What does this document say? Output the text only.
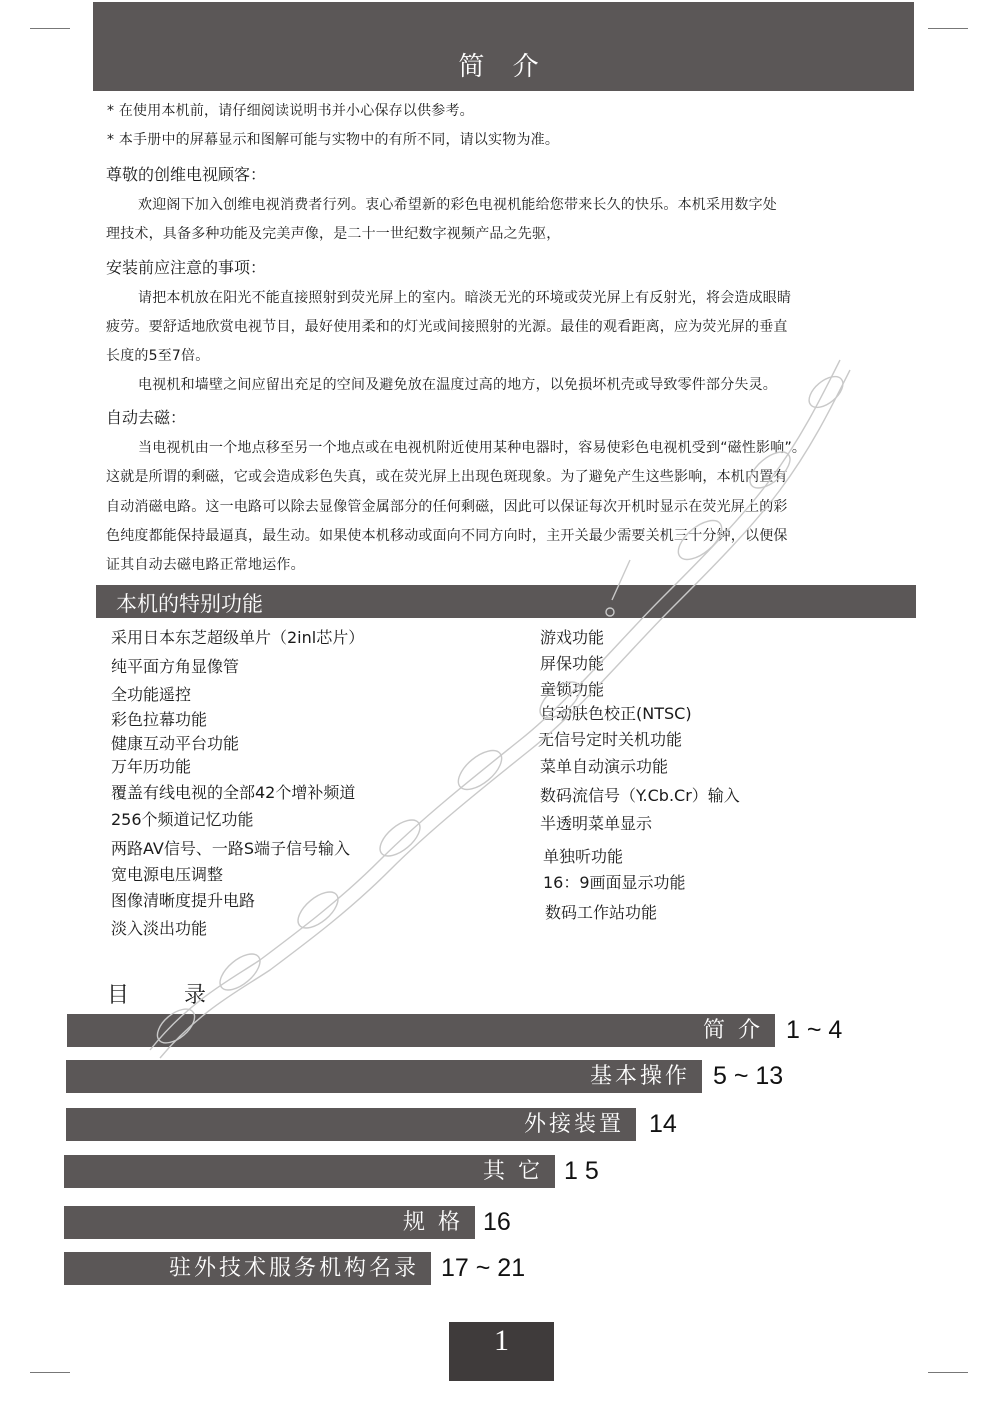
简 介
* 在使用本机前，请仔细阅读说明书并小心保存以供参考。
* 本手册中的屏幕显示和图解可能与实物中的有所不同，请以实物为准。
尊敬的创维电视顾客：
欢迎阁下加入创维电视消费者行列。衷心希望新的彩色电视机能给您带来长久的快乐。本机采用数字处
理技术，具备多种功能及完美声像，是二十一世纪数字视频产品之先驱，
安装前应注意的事项：
请把本机放在阳光不能直接照射到荧光屏上的室内。暗淡无光的环境或荧光屏上有反射光，将会造成眼睛
疲劳。要舒适地欣赏电视节目，最好使用柔和的灯光或间接照射的光源。最佳的观看距离，应为荧光屏的垂直
长度的5至7倍。
电视机和墙壁之间应留出充足的空间及避免放在温度过高的地方，以免损坏机壳或导致零件部分失灵。
自动去磁：
当电视机由一个地点移至另一个地点或在电视机附近使用某种电器时，容易使彩色电视机受到“磁性影响”。
这就是所谓的剩磁，它或会造成彩色失真，或在荧光屏上出现色斑现象。为了避免产生这些影响，本机内置有
自动消磁电路。这一电路可以除去显像管金属部分的任何剩磁，因此可以保证每次开机时显示在荧光屏上的彩
色纯度都能保持最逼真，最生动。如果使本机移动或面向不同方向时，主开关最少需要关机三十分钟，以便保
证其自动去磁电路正常地运作。
本机的特别功能
采用日本东芝超级单片（2inl芯片）
纯平面方角显像管
全功能遥控
彩色拉幕功能
健康互动平台功能
万年历功能
覆盖有线电视的全部42个增补频道
256个频道记忆功能
两路AV信号、一路S端子信号输入
宽电源电压调整
图像清晰度提升电路
淡入淡出功能
游戏功能
屏保功能
童锁功能
自动肤色校正(NTSC)
无信号定时关机功能
菜单自动演示功能
数码流信号（Y.Cb.Cr）输入
半透明菜单显示
单独听功能
16：9画面显示功能
数码工作站功能
目 录
简 介 1 ~ 4
基本操作 5 ~ 13
外接装置	14
其 它 1 5
规 格 16
驻外技术服务机构名录 17 ~ 21
1
